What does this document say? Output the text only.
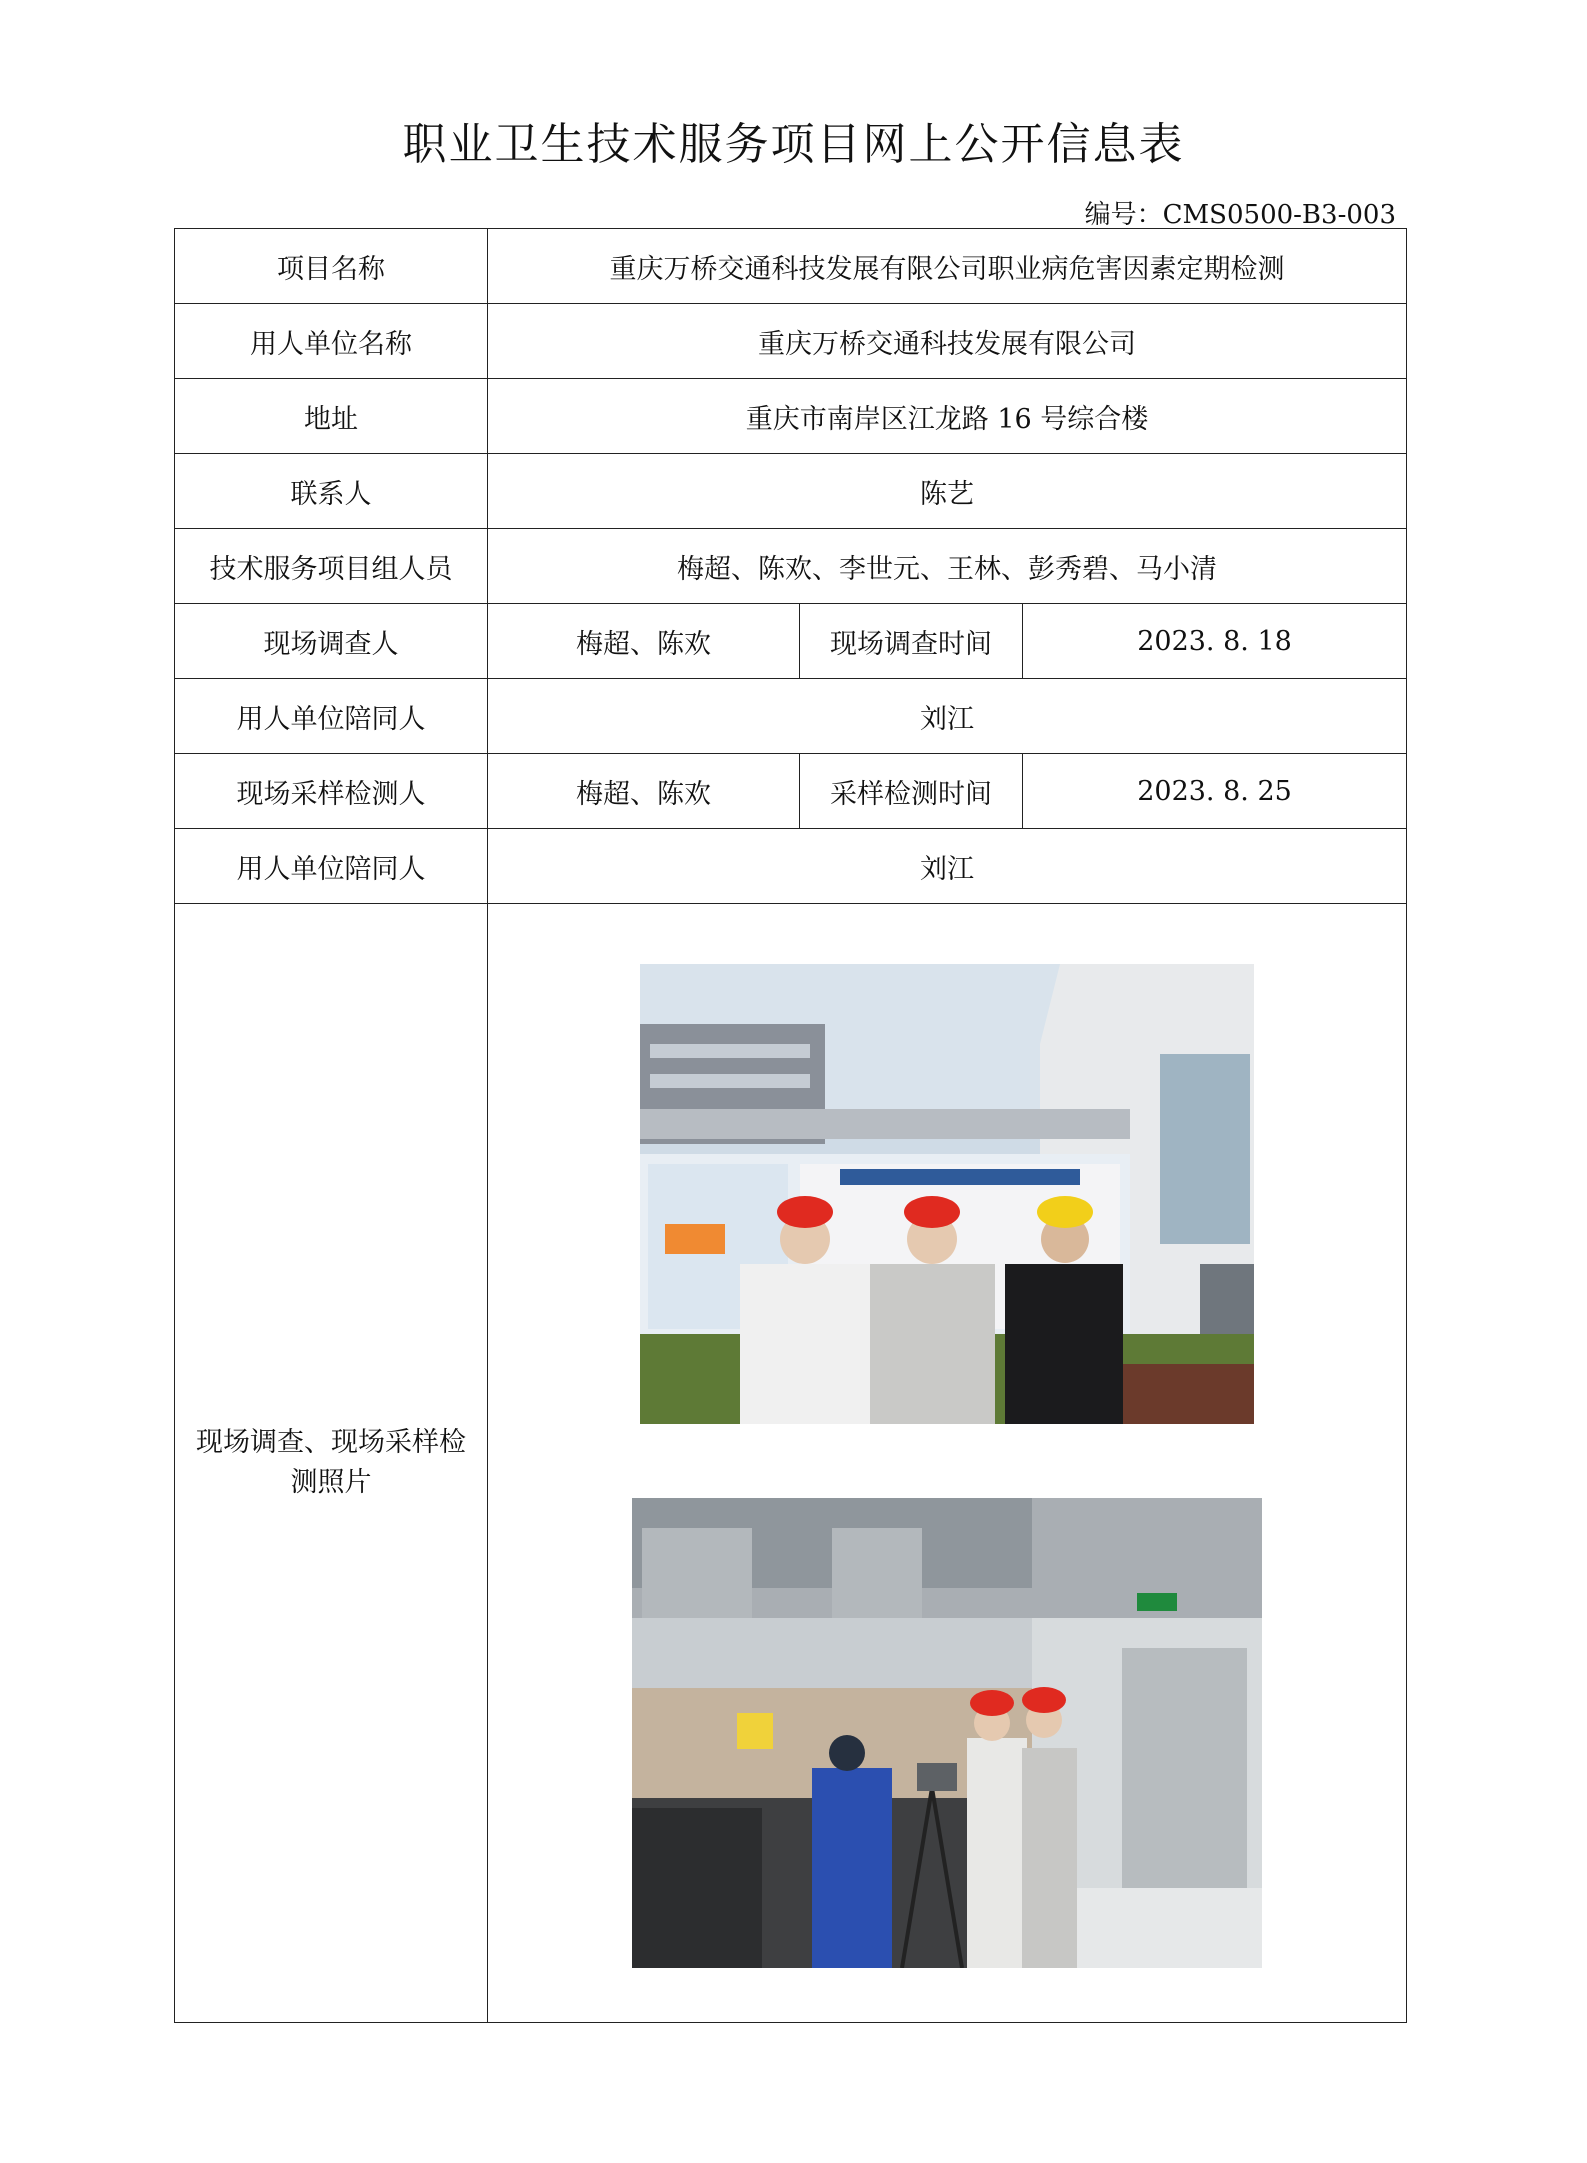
职业卫生技术服务项目网上公开信息表
编号：CMS0500-B3-003
项目名称	重庆万桥交通科技发展有限公司职业病危害因素定期检测		
用人单位名称	重庆万桥交通科技发展有限公司		
地址	重庆市南岸区江龙路 16 号综合楼		
联系人	陈艺		
技术服务项目组人员	梅超、陈欢、李世元、王林、彭秀碧、马小清		
现场调查人	梅超、陈欢	现场调查时间	2023. 8. 18
用人单位陪同人	刘江		
现场采样检测人	梅超、陈欢	采样检测时间	2023. 8. 25
用人单位陪同人	刘江		
现场调查、现场采样检测照片	
